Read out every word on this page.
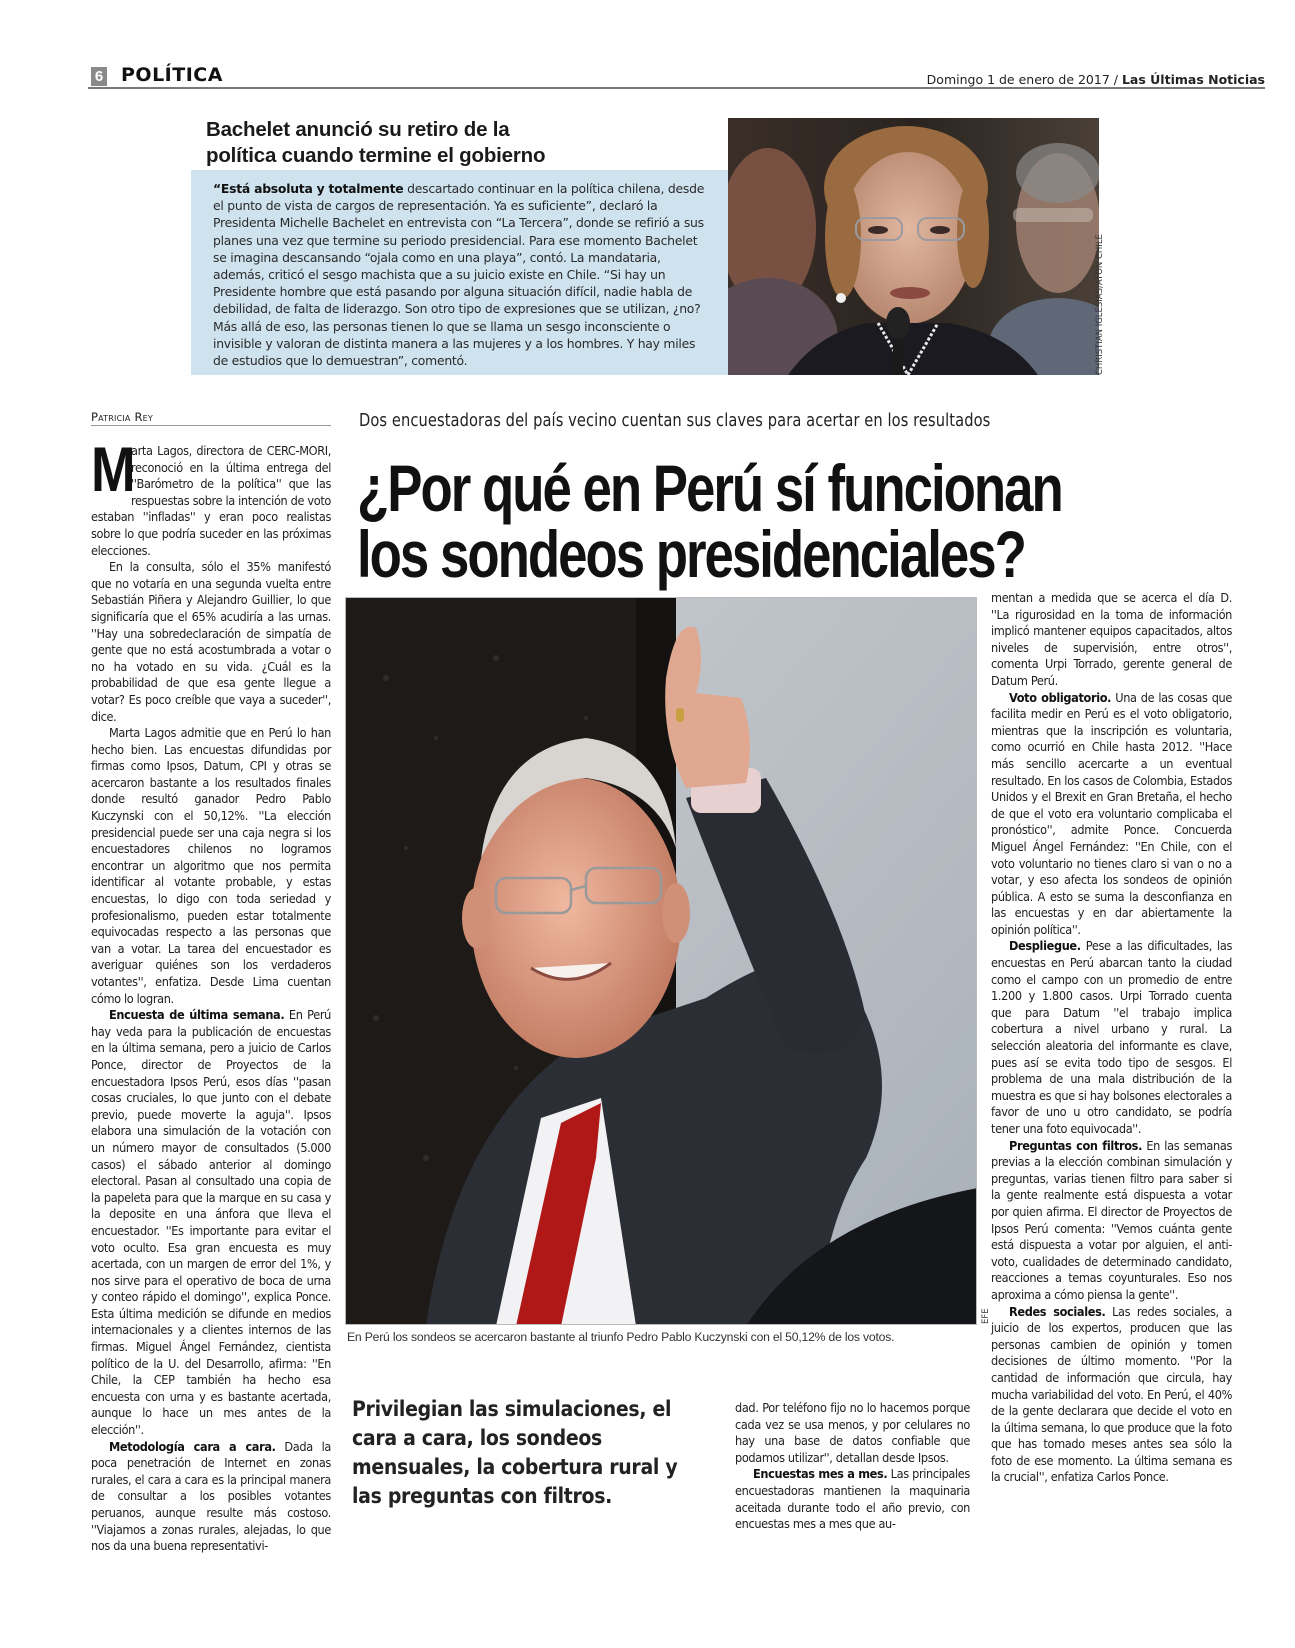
6 POLÍTICA	Domingo 1 de enero de 2017 / Las Últimas Noticias
Bachelet anunció su retiro de la
política cuando termine el gobierno
“Está absoluta y totalmente descartado continuar en la política chilena, desde el punto de vista de cargos de representación. Ya es suficiente”, declaró la Presidenta Michelle Bachelet en entrevista con “La Tercera”, donde se refirió a sus planes una vez que termine su periodo presidencial. Para ese momento Bachelet se imagina descansando “ojala como en una playa”, contó. La mandataria, además, criticó el sesgo machista que a su juicio existe en Chile. “Si hay un Presidente hombre que está pasando por alguna situación difícil, nadie habla de debilidad, de falta de liderazgo. Son otro tipo de expresiones que se utilizan, ¿no? Más allá de eso, las personas tienen lo que se llama un sesgo inconsciente o invisible y valoran de distinta manera a las mujeres y a los hombres. Y hay miles de estudios que lo demuestran”, comentó.	CHRISTIAN IGLESIAS/ATON CHILE
Patricia Rey	Dos encuestadoras del país vecino cuentan sus claves para acertar en los resultados
¿Por qué en Perú sí funcionan
los sondeos presidenciales?

M
arta Lagos, directora de CERC-MORI, reconoció en la última entrega del ''Barómetro de la política'' que las respuestas sobre la intención de voto estaban ''infladas'' y eran poco realistas sobre lo que podría suceder en las próximas elecciones.

En la consulta, sólo el 35% manifestó que no votaría en una segunda vuelta entre Sebastián Piñera y Alejandro Guillier, lo que significaría que el 65% acudiría a las urnas. ''Hay una sobredeclaración de simpatía de gente que no está acostumbrada a votar o no ha votado en su vida. ¿Cuál es la probabilidad de que esa gente llegue a votar? Es poco creíble que vaya a suceder'', dice.

Marta Lagos admitie que en Perú lo han hecho bien. Las encuestas difundidas por firmas como Ipsos, Datum, CPI y otras se acercaron bastante a los resultados finales donde resultó ganador Pedro Pablo Kuczynski con el 50,12%. ''La elección presidencial puede ser una caja negra si los encuestadores chilenos no logramos encontrar un algoritmo que nos permita identificar al votante probable, y estas encuestas, lo digo con toda seriedad y profesionalismo, pueden estar totalmente equivocadas respecto a las personas que van a votar. La tarea del encuestador es averiguar quiénes son los verdaderos votantes'', enfatiza. Desde Lima cuentan cómo lo logran.

Encuesta de última semana. En Perú hay veda para la publicación de encuestas en la última semana, pero a juicio de Carlos Ponce, director de Proyectos de la encuestadora Ipsos Perú, esos días ''pasan cosas cruciales, lo que junto con el debate previo, puede moverte la aguja''. Ipsos elabora una simulación de la votación con un número mayor de consultados (5.000 casos) el sábado anterior al domingo electoral. Pasan al consultado una copia de la papeleta para que la marque en su casa y la deposite en una ánfora que lleva el encuestador. ''Es importante para evitar el voto oculto. Esa gran encuesta es muy acertada, con un margen de error del 1%, y nos sirve para el operativo de boca de urna y conteo rápido el domingo'', explica Ponce. Esta última medición se difunde en medios internacionales y a clientes internos de las firmas. Miguel Ángel Fernández, cientista político de la U. del Desarrollo, afirma: ''En Chile, la CEP también ha hecho esa encuesta con urna y es bastante acertada, aunque lo hace un mes antes de la elección''.

Metodología cara a cara. Dada la poca penetración de Internet en zonas rurales, el cara a cara es la principal manera de consultar a los posibles votantes peruanos, aunque resulte más costoso. ''Viajamos a zonas rurales, alejadas, lo que nos da una buena representativi-

EFE
En Perú los sondeos se acercaron bastante al triunfo Pedro Pablo Kuczynski con el 50,12% de los votos.
Privilegian las simulaciones, el cara a cara, los sondeos mensuales, la cobertura rural y las preguntas con filtros.

dad. Por teléfono fijo no lo hacemos porque cada vez se usa menos, y por celulares no hay una base de datos confiable que podamos utilizar'', detallan desde Ipsos.

Encuestas mes a mes. Las principales encuestadoras mantienen la maquinaria aceitada durante todo el año previo, con encuestas mes a mes que au-

mentan a medida que se acerca el día D. ''La rigurosidad en la toma de información implicó mantener equipos capacitados, altos niveles de supervisión, entre otros'', comenta Urpi Torrado, gerente general de Datum Perú.

Voto obligatorio. Una de las cosas que facilita medir en Perú es el voto obligatorio, mientras que la inscripción es voluntaria, como ocurrió en Chile hasta 2012. ''Hace más sencillo acercarte a un eventual resultado. En los casos de Colombia, Estados Unidos y el Brexit en Gran Bretaña, el hecho de que el voto era voluntario complicaba el pronóstico'', admite Ponce. Concuerda Miguel Ángel Fernández: ''En Chile, con el voto voluntario no tienes claro si van o no a votar, y eso afecta los sondeos de opinión pública. A esto se suma la desconfianza en las encuestas y en dar abiertamente la opinión política''.

Despliegue. Pese a las dificultades, las encuestas en Perú abarcan tanto la ciudad como el campo con un promedio de entre 1.200 y 1.800 casos. Urpi Torrado cuenta que para Datum ''el trabajo implica cobertura a nivel urbano y rural. La selección aleatoria del informante es clave, pues así se evita todo tipo de sesgos. El problema de una mala distribución de la muestra es que si hay bolsones electorales a favor de uno u otro candidato, se podría tener una foto equivocada''.

Preguntas con filtros. En las semanas previas a la elección combinan simulación y preguntas, varias tienen filtro para saber si la gente realmente está dispuesta a votar por quien afirma. El director de Proyectos de Ipsos Perú comenta: ''Vemos cuánta gente está dispuesta a votar por alguien, el anti-voto, cualidades de determinado candidato, reacciones a temas coyunturales. Eso nos aproxima a cómo piensa la gente''.

Redes sociales. Las redes sociales, a juicio de los expertos, producen que las personas cambien de opinión y tomen decisiones de último momento. ''Por la cantidad de información que circula, hay mucha variabilidad del voto. En Perú, el 40% de la gente declarara que decide el voto en la última semana, lo que produce que la foto que has tomado meses antes sea sólo la foto de ese momento. La última semana es la crucial'', enfatiza Carlos Ponce.
